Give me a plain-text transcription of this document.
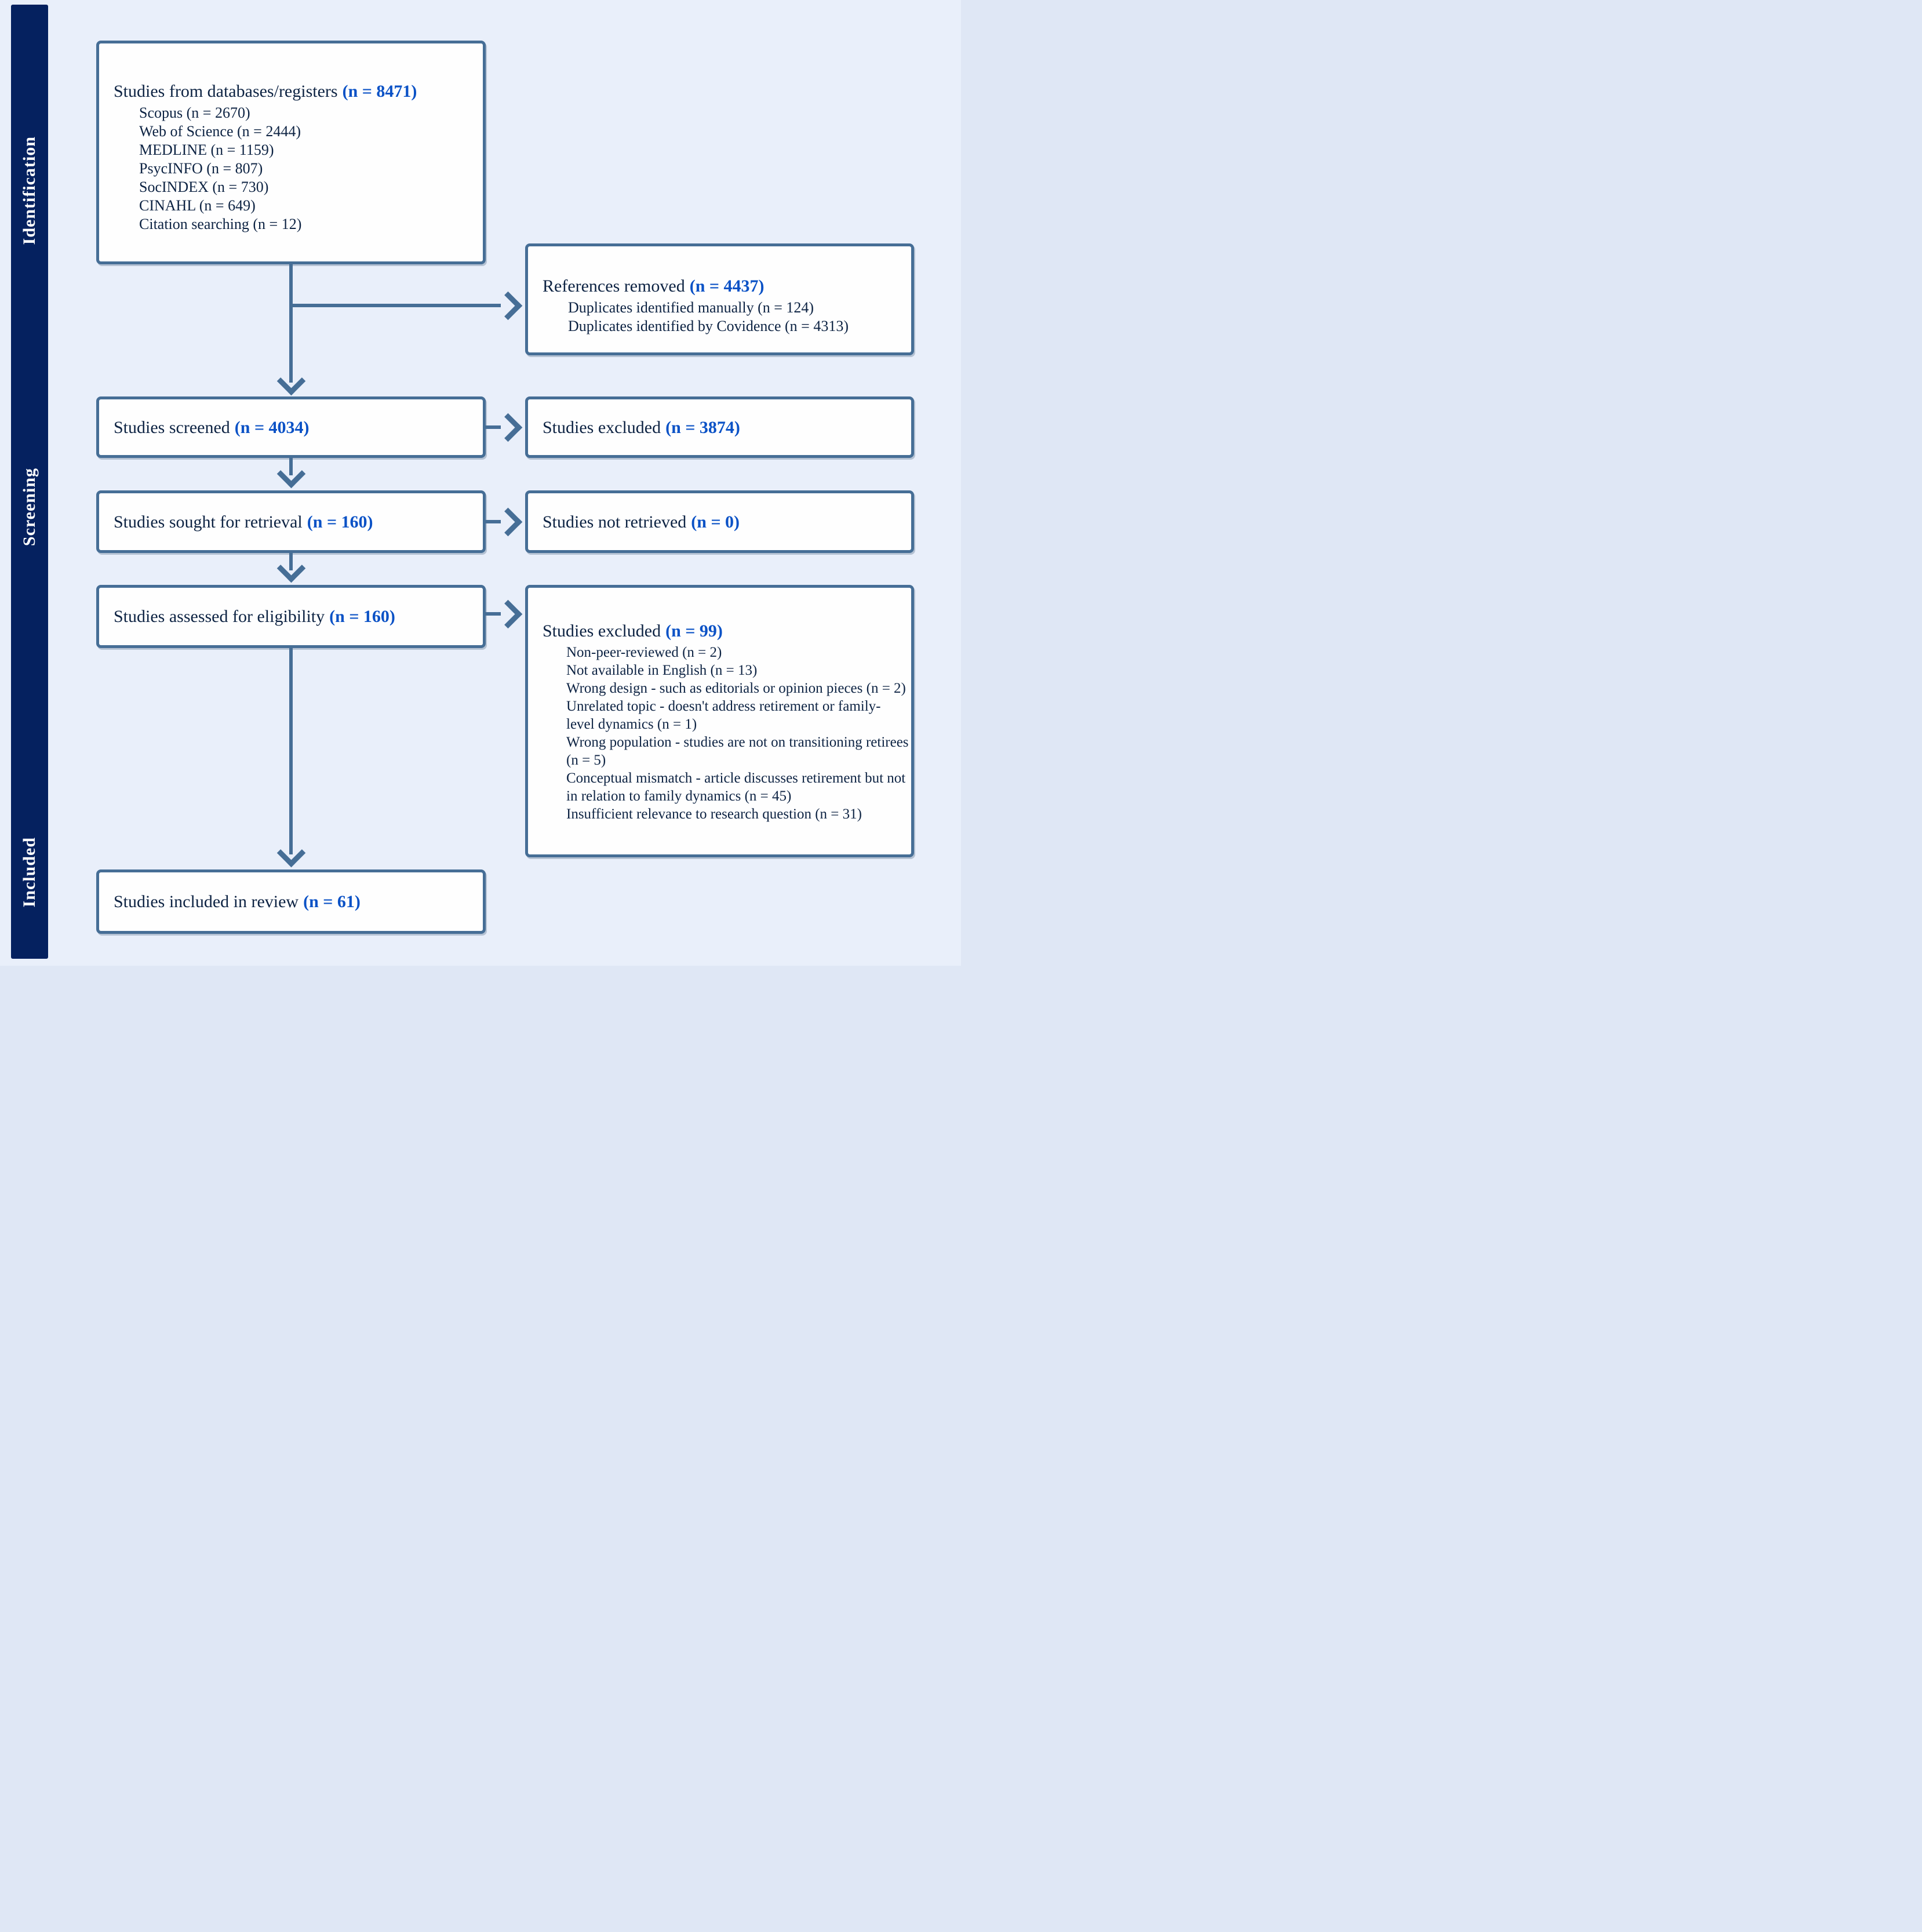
Identification
Screening
Included
Studies from databases/registers (n = 8471)
Scopus (n = 2670)
Web of Science (n = 2444)
MEDLINE (n = 1159)
PsycINFO (n = 807)
SocINDEX (n = 730)
CINAHL (n = 649)
Citation searching (n = 12)
Studies screened (n = 4034)
Studies sought for retrieval (n = 160)
Studies assessed for eligibility (n = 160)
Studies included in review (n = 61)
References removed (n = 4437)
Duplicates identified manually (n = 124)
Duplicates identified by Covidence (n = 4313)
Studies excluded (n = 3874)
Studies not retrieved (n = 0)
Studies excluded (n = 99)
Non-peer-reviewed (n = 2)
Not available in English (n = 13)
Wrong design - such as editorials or opinion pieces (n = 2)
Unrelated topic - doesn't address retirement or family-level dynamics (n = 1)
Wrong population - studies are not on transitioning retirees (n = 5)
Conceptual mismatch - article discusses retirement but not in relation to family dynamics (n = 45)
Insufficient relevance to research question (n = 31)
